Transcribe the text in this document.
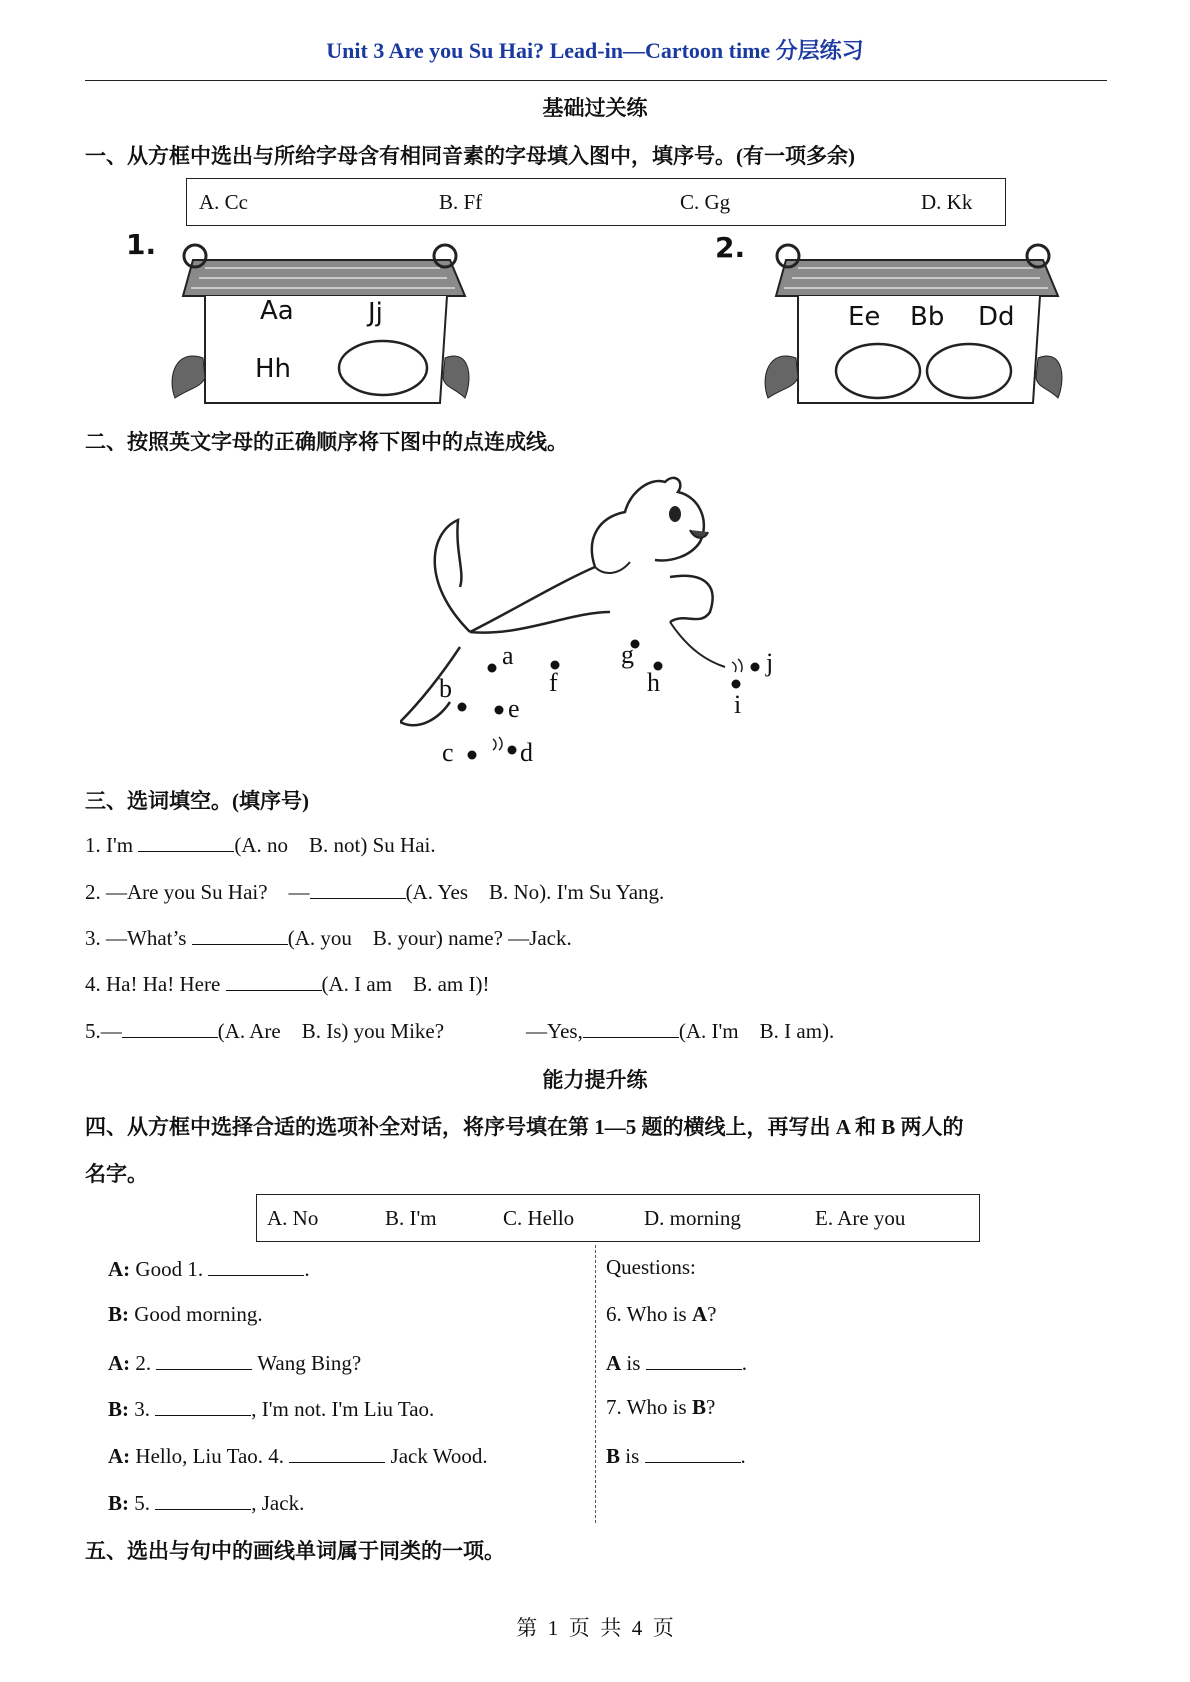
Unit 3 Are you Su Hai? Lead-in—Cartoon time 分层练习
基础过关练
一、从方框中选出与所给字母含有相同音素的字母填入图中，填序号。(有一项多余)
A. Cc	B. Ff	C. Gg	D. Kk
1.
Aa	Jj
Hh
2.
Ee Bb Dd
二、按照英文字母的正确顺序将下图中的点连成线。
a
b
c	d
e
f
g
h
i
j
三、选词填空。(填序号)
1. I'm	(A. no    B. not) Su Hai.
2. —Are you Su Hai?    —	(A. Yes    B. No). I'm Su Yang.
3. —What’s	(A. you    B. your) name? —Jack.
4. Ha! Ha! Here	(A. I am    B. am I)!
5.—	(A. Are    B. Is) you Mike?	—Yes,	(A. I'm    B. I am).
能力提升练
四、从方框中选择合适的选项补全对话，将序号填在第 1—5 题的横线上，再写出 A 和 B 两人的
名字。
A. No	B. I'm	C. Hello	D. morning	E. Are you
A: Good 1.	.
B: Good morning.
A: 2.	Wang Bing?
B: 3.	, I'm not. I'm Liu Tao.
A: Hello, Liu Tao. 4.	Jack Wood.
B: 5.	, Jack.
Questions:
6. Who is A?
A is	.
7. Who is B?
B is	.
五、选出与句中的画线单词属于同类的一项。
第  1  页  共  4  页
